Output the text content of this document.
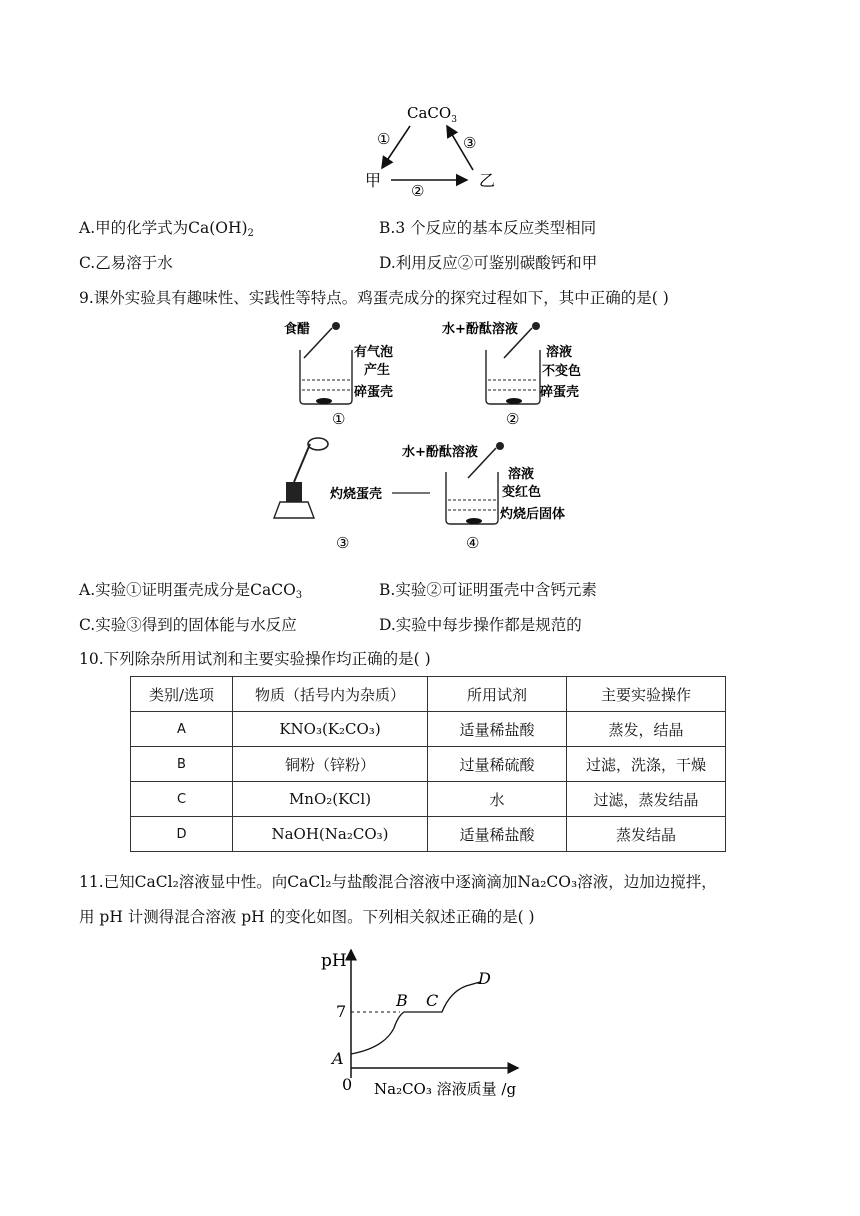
CaCO$_3$
①	③
甲	乙
②
A.甲的化学式为$Ca(OH)_2$	B.3 个反应的基本反应类型相同
C.乙易溶于水	D.利用反应②可鉴别碳酸钙和甲
9.课外实验具有趣味性、实践性等特点。鸡蛋壳成分的探究过程如下，其中正确的是( )
食醋
有气泡
产生
碎蛋壳
①
水+酚酞溶液
溶液
不变色
碎蛋壳
②
灼烧蛋壳
③
水+酚酞溶液
溶液
变红色
灼烧后固体
④
A.实验①证明蛋壳成分是CaCO$_3$	B.实验②可证明蛋壳中含钙元素
C.实验③得到的固体能与水反应	D.实验中每步操作都是规范的
10.下列除杂所用试剂和主要实验操作均正确的是( )
类别/选项	物质（括号内为杂质）	所用试剂	主要实验操作
A	KNO₃(K₂CO₃)	适量稀盐酸	蒸发，结晶
B	铜粉（锌粉）	过量稀硫酸	过滤，洗涤，干燥
C	MnO₂(KCl)	水	过滤，蒸发结晶
D	NaOH(Na₂CO₃)	适量稀盐酸	蒸发结晶
11.已知CaCl₂溶液显中性。向CaCl₂与盐酸混合溶液中逐滴滴加Na₂CO₃溶液，边加边搅拌，
用 pH 计测得混合溶液 pH 的变化如图。下列相关叙述正确的是( )
pH
7
0
A
B C
D
Na₂CO₃ 溶液质量 /g
